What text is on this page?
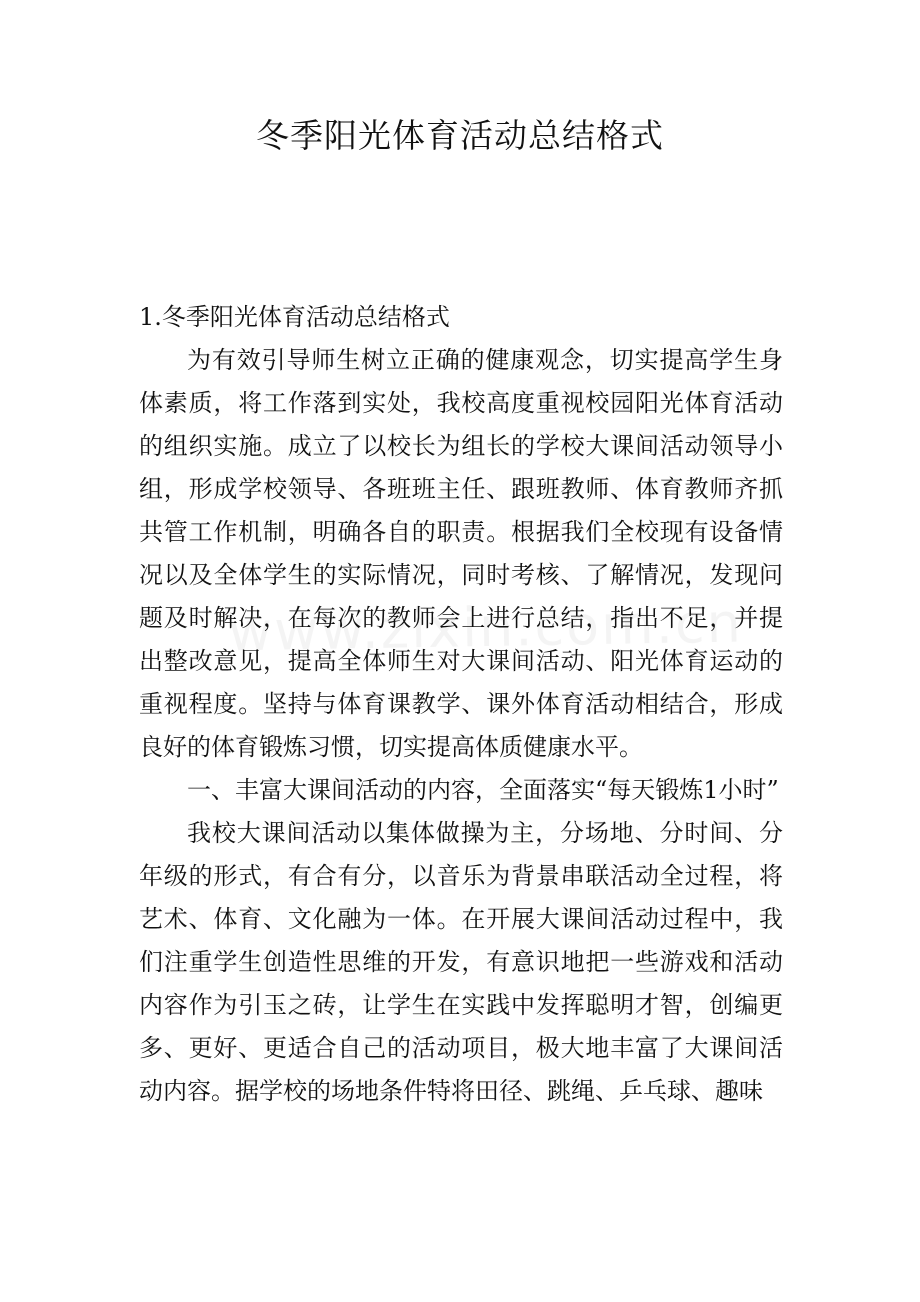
冬季阳光体育活动总结格式
1.冬季阳光体育活动总结格式

为有效引导师生树立正确的健康观念，切实提高学生身体素质，将工作落到实处，我校高度重视校园阳光体育活动的组织实施。成立了以校长为组长的学校大课间活动领导小组，形成学校领导、各班班主任、跟班教师、体育教师齐抓共管工作机制，明确各自的职责。根据我们全校现有设备情况以及全体学生的实际情况，同时考核、了解情况，发现问题及时解决，在每次的教师会上进行总结，指出不足，并提出整改意见，提高全体师生对大课间活动、阳光体育运动的重视程度。坚持与体育课教学、课外体育活动相结合，形成良好的体育锻炼习惯，切实提高体质健康水平。

一、丰富大课间活动的内容，全面落实“每天锻炼1小时”

我校大课间活动以集体做操为主，分场地、分时间、分年级的形式，有合有分，以音乐为背景串联活动全过程，将艺术、体育、文化融为一体。在开展大课间活动过程中，我们注重学生创造性思维的开发，有意识地把一些游戏和活动内容作为引玉之砖，让学生在实践中发挥聪明才智，创编更多、更好、更适合自己的活动项目，极大地丰富了大课间活动内容。据学校的场地条件特将田径、跳绳、乒乓球、趣味
